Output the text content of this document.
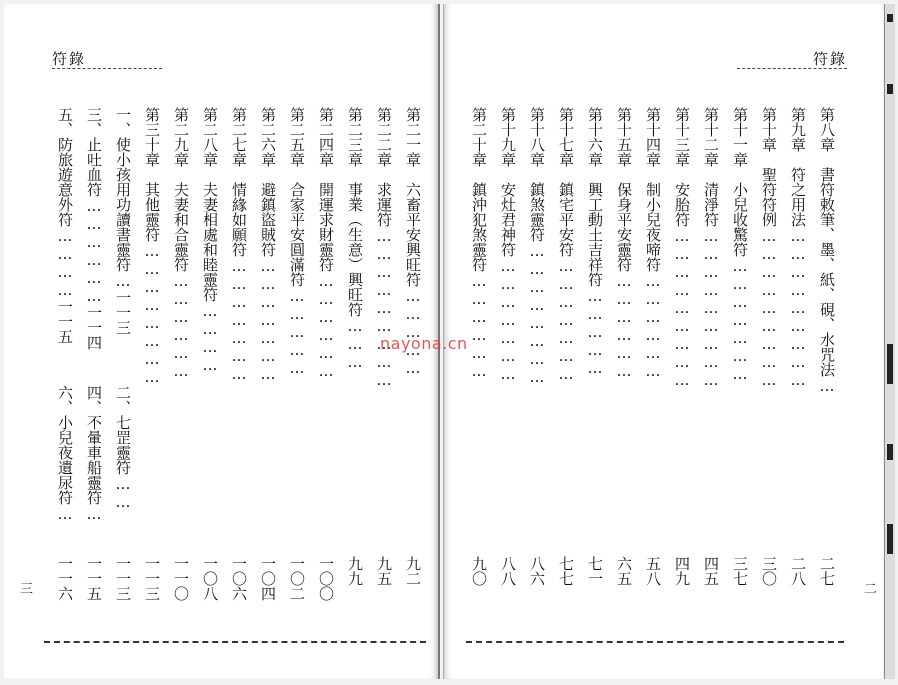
符錄
第二一章　六畜平安興旺符……………
九二
第二二章　求運符………………………
九五
第二三章　事業（生意）興旺符………
九九
第二四章　開運求財靈符………………
一〇〇
第二五章　合家平安圓滿符……………
一〇二
第二六章　避鎮盜賊符…………………
一〇四
第二七章　情緣如願符…………………
一〇六
第二八章　夫妻相處和睦靈符…………
一〇八
第二九章　夫妻和合靈符………………
一一〇
第三十章　其他靈符……………………
一一三
一、使小孩用功讀書靈符…一一三
二、七罡靈符……
一一三
三、止吐血符………………一一四
四、不暈車船靈符…
一一五
五、防旅遊意外符…………一一五
六、小兒夜遺尿符…
一一六
三
符錄
第八章　書符敕筆、墨、紙、硯、水咒法…
二七
第九章　符之用法………………………
二八
第十章　聖符符例………………………
三〇
第十一章　小兒收驚符…………………
三七
第十二章　清淨符………………………
四五
第十三章　安胎符………………………
四九
第十四章　制小兒夜啼符………………
五八
第十五章　保身平安靈符………………
六五
第十六章　興工動土吉祥符……………
七一
第十七章　鎮宅平安符…………………
七七
第十八章　鎮煞靈符……………………
八六
第十九章　安灶君神符…………………
八八
第二十章　鎮沖犯煞靈符………………
九〇
二
nayona.cn
